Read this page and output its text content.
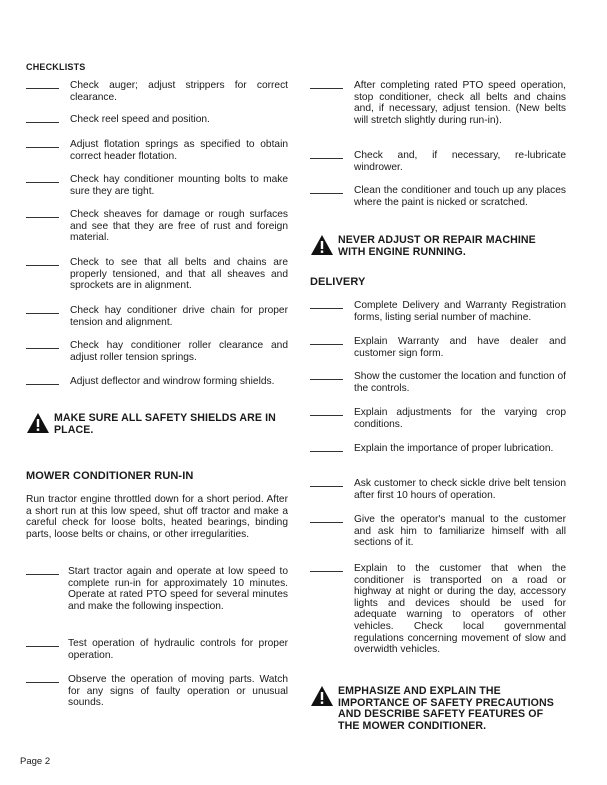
CHECKLISTS
Check auger; adjust strippers for correct clearance.
Check reel speed and position.
Adjust flotation springs as specified to obtain correct header flotation.
Check hay conditioner mounting bolts to make sure they are tight.
Check sheaves for damage or rough surfaces and see that they are free of rust and foreign material.
Check to see that all belts and chains are properly tensioned, and that all sheaves and sprockets are in alignment.
Check hay conditioner drive chain for proper tension and alignment.
Check hay conditioner roller clearance and adjust roller tension springs.
Adjust deflector and windrow forming shields.
MAKE SURE ALL SAFETY SHIELDS ARE IN PLACE.
MOWER CONDITIONER RUN-IN
Run tractor engine throttled down for a short period. After a short run at this low speed, shut off tractor and make a careful check for loose bolts, heated bearings, binding parts, loose belts or chains, or other irregularities.
Start tractor again and operate at low speed to complete run-in for approximately 10 minutes. Operate at rated PTO speed for several minutes and make the following inspection.
Test operation of hydraulic controls for proper operation.
Observe the operation of moving parts. Watch for any signs of faulty operation or unusual sounds.
After completing rated PTO speed operation, stop conditioner, check all belts and chains and, if necessary, adjust tension. (New belts will stretch slightly during run-in).
Check and, if necessary, re-lubricate windrower.
Clean the conditioner and touch up any places where the paint is nicked or scratched.
NEVER ADJUST OR REPAIR MACHINE WITH ENGINE RUNNING.
DELIVERY
Complete Delivery and Warranty Registration forms, listing serial number of machine.
Explain Warranty and have dealer and customer sign form.
Show the customer the location and function of the controls.
Explain adjustments for the varying crop conditions.
Explain the importance of proper lubrication.
Ask customer to check sickle drive belt tension after first 10 hours of operation.
Give the operator's manual to the customer and ask him to familiarize himself with all sections of it.
Explain to the customer that when the conditioner is transported on a road or highway at night or during the day, accessory lights and devices should be used for adequate warning to operators of other vehicles. Check local governmental regulations concerning movement of slow and overwidth vehicles.
EMPHASIZE AND EXPLAIN THE IMPORTANCE OF SAFETY PRECAUTIONS AND DESCRIBE SAFETY FEATURES OF THE MOWER CONDITIONER.
Page 2
